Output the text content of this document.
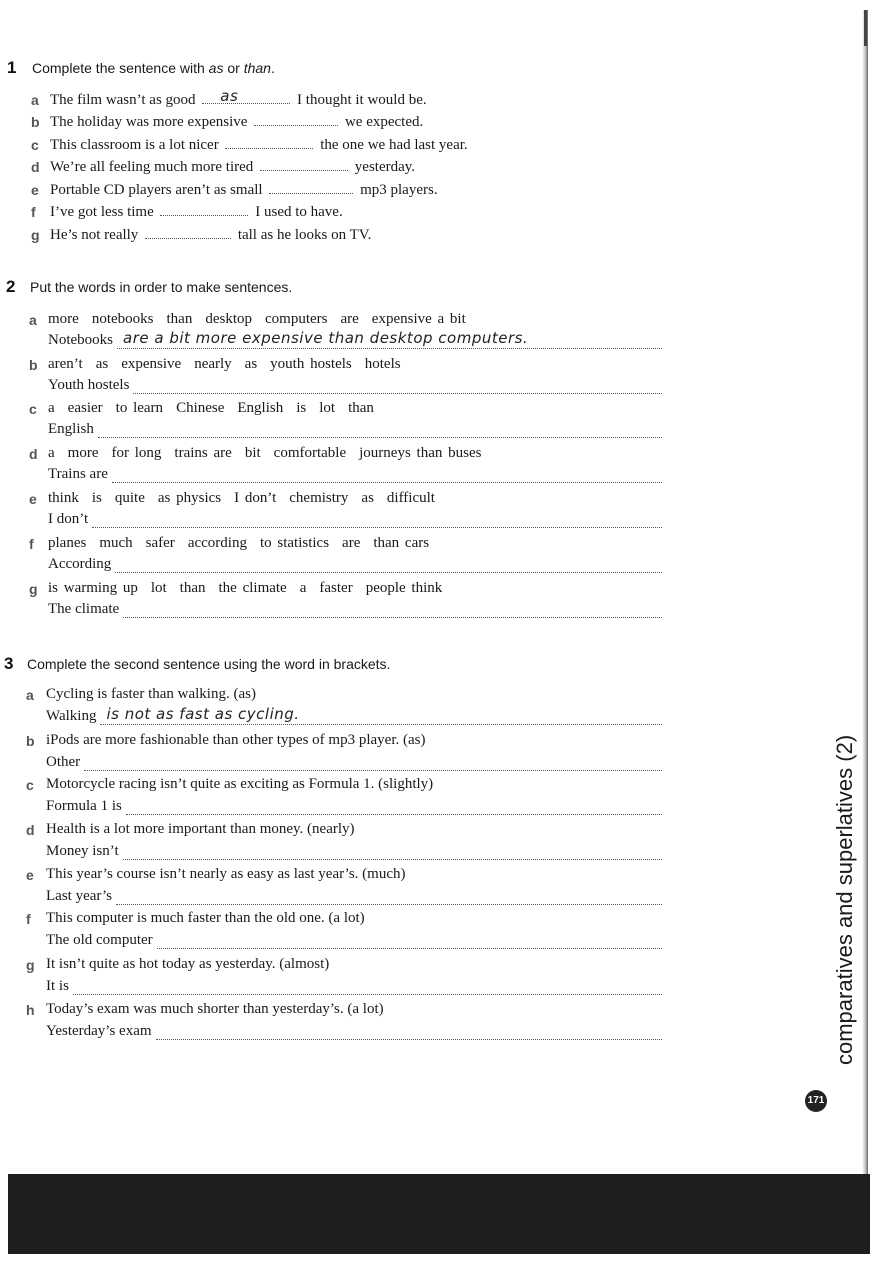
1 Complete the sentence with as or than.
a The film wasn’t as good as	I thought it would be.
b The holiday was more expensive	we expected.
c This classroom is a lot nicer	the one we had last year.
d We’re all feeling much more tired	yesterday.
e Portable CD players aren’t as small	mp3 players.
f I’ve got less time	I used to have.
g He’s not really	tall as he looks on TV.
2 Put the words in order to make sentences.
a more notebooks than desktop computers are expensive a bit
Notebooks are a bit more expensive than desktop computers.
b aren’t as expensive nearly as youth hostels hotels
Youth hostels
c a easier to learn Chinese English is lot than
English
d a more for long trains are bit comfortable journeys than buses
Trains are
e think is quite as physics I don’t chemistry as difficult
I don’t
f planes much safer according to statistics are than cars
According
g is warming up lot than the climate a faster people think
The climate
3 Complete the second sentence using the word in brackets.
a Cycling is faster than walking. (as)
Walking is not as fast as cycling.
b iPods are more fashionable than other types of mp3 player. (as)
Other
c Motorcycle racing isn’t quite as exciting as Formula 1. (slightly)
Formula 1 is
d Health is a lot more important than money. (nearly)
Money isn’t
e This year’s course isn’t nearly as easy as last year’s. (much)
Last year’s
f This computer is much faster than the old one. (a lot)
The old computer
g It isn’t quite as hot today as yesterday. (almost)
It is
h Today’s exam was much shorter than yesterday’s. (a lot)
Yesterday’s exam	comparatives and superlatives (2)
171
